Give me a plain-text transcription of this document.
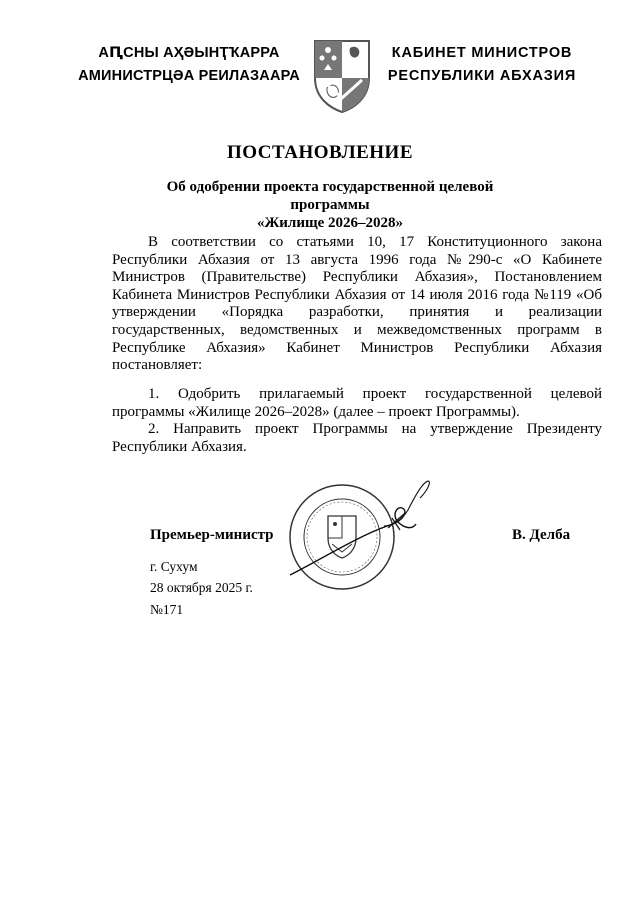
АԤСНЫ АҲӘЫНҬҠАРРА
АМИНИСТРЦӘА РЕИЛАЗААРА
КАБИНЕТ МИНИСТРОВ
РЕСПУБЛИКИ АБХАЗИЯ
ПОСТАНОВЛЕНИЕ
Об одобрении проекта государственной целевой программы
«Жилище 2026–2028»
В соответствии со статьями 10, 17 Конституционного закона Республики Абхазия от 13 августа 1996 года №290-с «О Кабинете Министров (Правительстве) Республики Абхазия», Постановлением Кабинета Министров Республики Абхазия от 14 июля 2016 года №119 «Об утверждении «Порядка разработки, принятия и реализации государственных, ведомственных и межведомственных программ в Республике Абхазия» Кабинет Министров Республики Абхазия постановляет:
1. Одобрить прилагаемый проект государственной целевой программы «Жилище 2026–2028» (далее – проект Программы).
2. Направить проект Программы на утверждение Президенту Республики Абхазия.
Премьер-министр	В. Делба
г. Сухум
28 октября 2025 г.
№171
